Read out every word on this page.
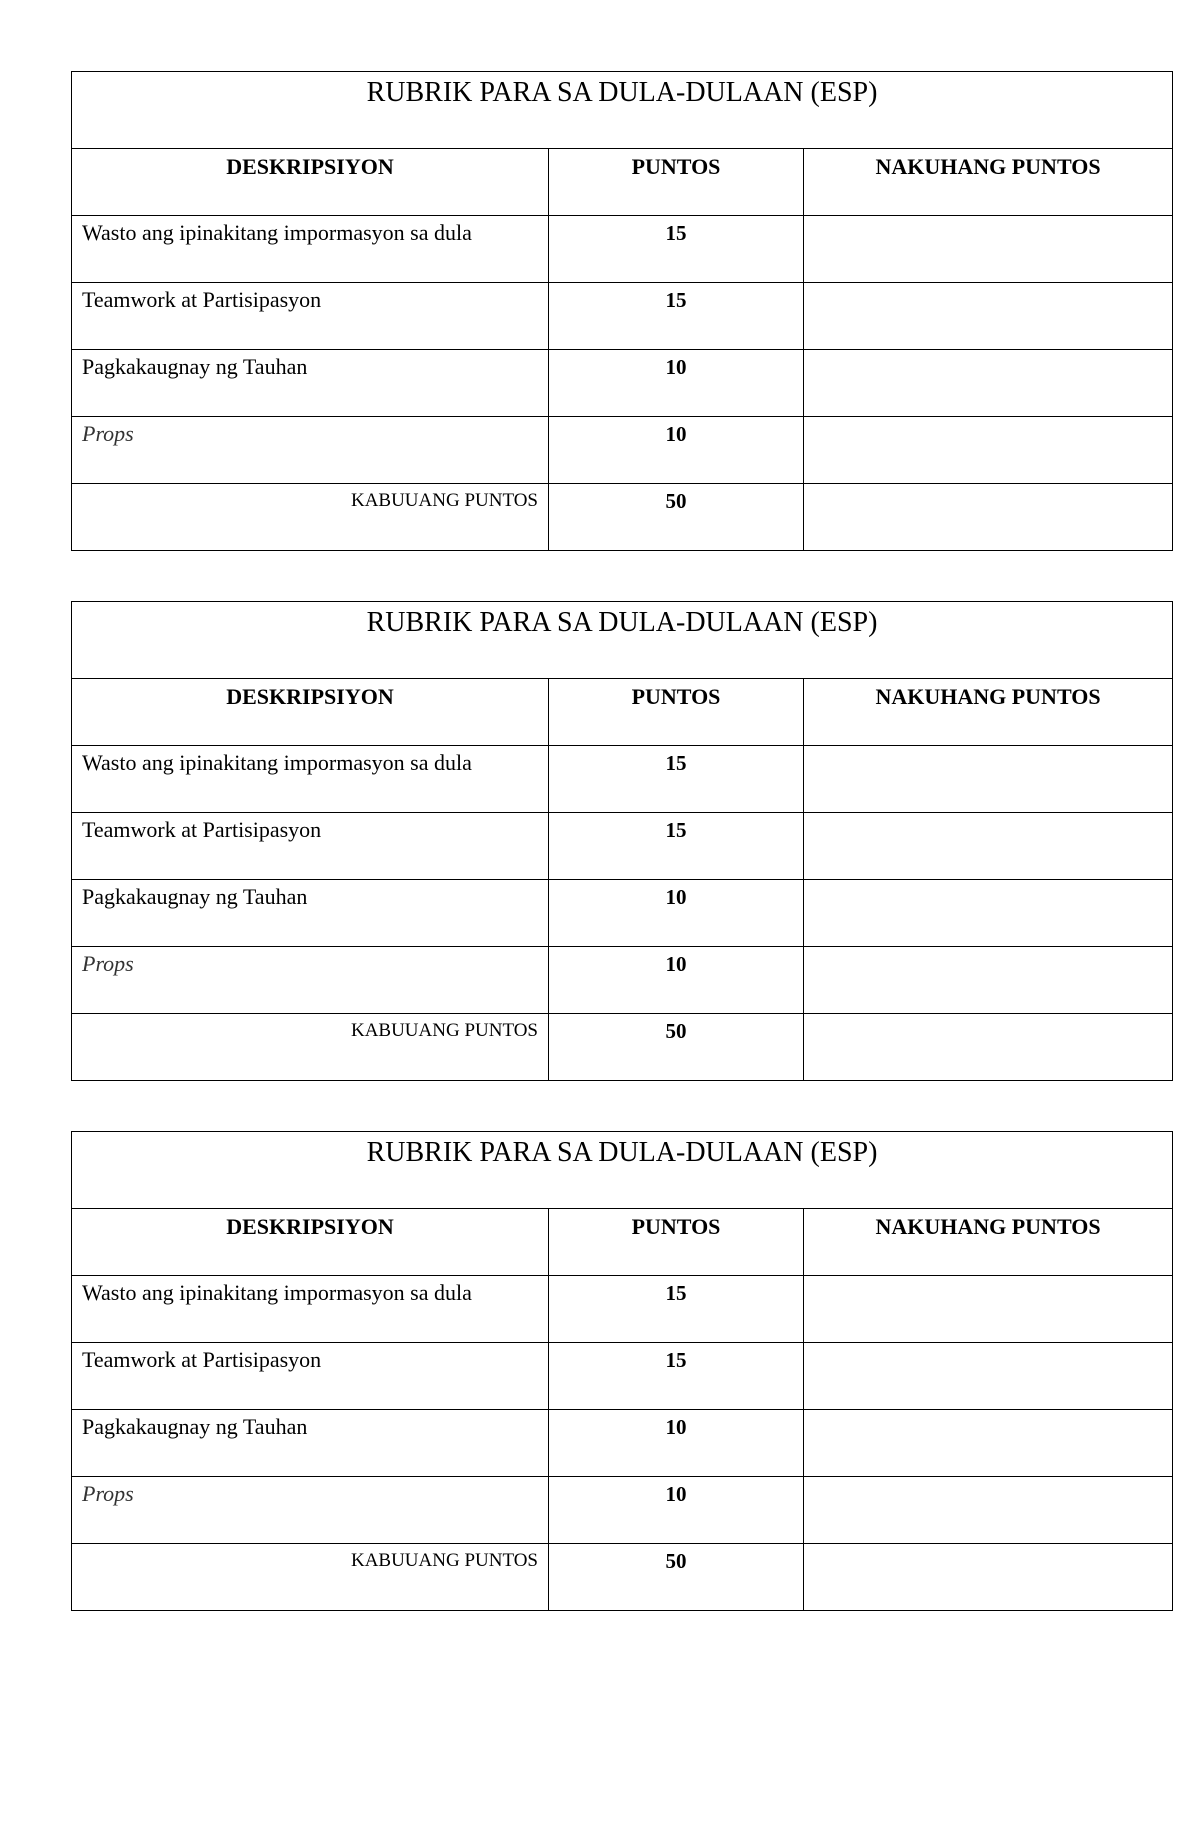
RUBRIK PARA SA DULA-DULAAN (ESP)		
DESKRIPSIYON	PUNTOS	NAKUHANG PUNTOS
Wasto ang ipinakitang impormasyon sa dula	15	
Teamwork at Partisipasyon	15	
Pagkakaugnay ng Tauhan	10	
Props	10	
KABUUANG PUNTOS	50	
RUBRIK PARA SA DULA-DULAAN (ESP)		
DESKRIPSIYON	PUNTOS	NAKUHANG PUNTOS
Wasto ang ipinakitang impormasyon sa dula	15	
Teamwork at Partisipasyon	15	
Pagkakaugnay ng Tauhan	10	
Props	10	
KABUUANG PUNTOS	50	
RUBRIK PARA SA DULA-DULAAN (ESP)		
DESKRIPSIYON	PUNTOS	NAKUHANG PUNTOS
Wasto ang ipinakitang impormasyon sa dula	15	
Teamwork at Partisipasyon	15	
Pagkakaugnay ng Tauhan	10	
Props	10	
KABUUANG PUNTOS	50	
